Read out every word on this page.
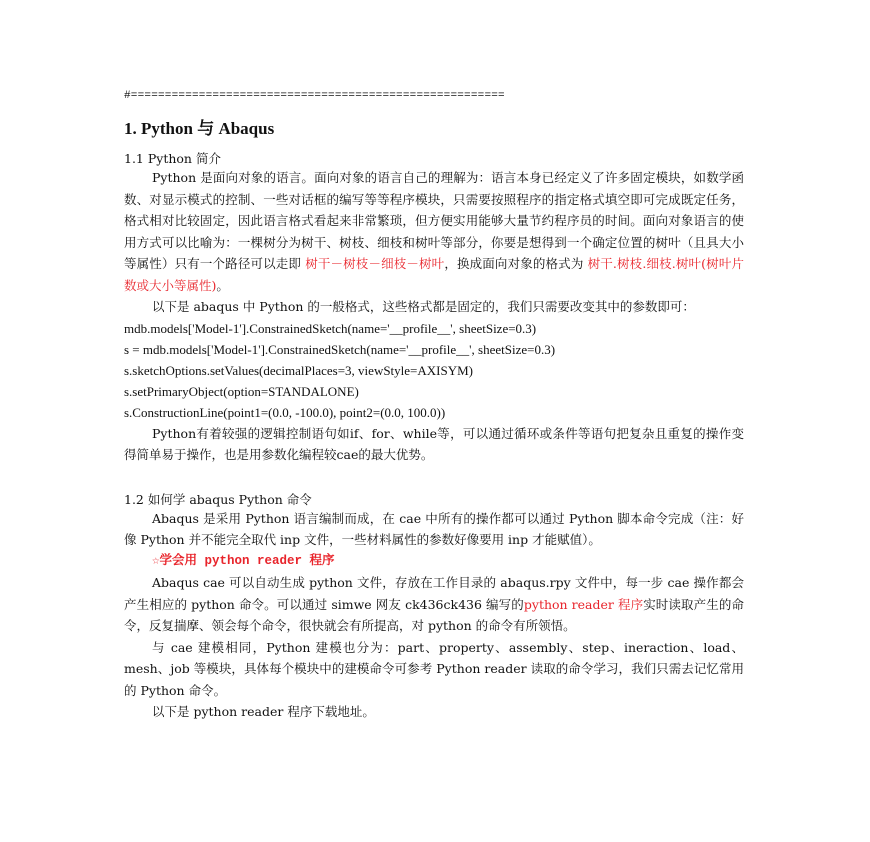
#=======================================================
1. Python 与 Abaqus
1.1 Python 简介
Python 是面向对象的语言。面向对象的语言自己的理解为：语言本身已经定义了许多固定模块，如数学函数、对显示模式的控制、一些对话框的编写等等程序模块，只需要按照程序的指定格式填空即可完成既定任务，格式相对比较固定，因此语言格式看起来非常繁琐，但方便实用能够大量节约程序员的时间。面向对象语言的使用方式可以比喻为：一棵树分为树干、树枝、细枝和树叶等部分，你要是想得到一个确定位置的树叶（且具大小等属性）只有一个路径可以走即 树干－树枝－细枝－树叶，换成面向对象的格式为 树干.树枝.细枝.树叶(树叶片数或大小等属性)。
以下是 abaqus 中 Python 的一般格式，这些格式都是固定的，我们只需要改变其中的参数即可：
mdb.models['Model-1'].ConstrainedSketch(name='__profile__', sheetSize=0.3)
s = mdb.models['Model-1'].ConstrainedSketch(name='__profile__', sheetSize=0.3)
s.sketchOptions.setValues(decimalPlaces=3, viewStyle=AXISYM)
s.setPrimaryObject(option=STANDALONE)
s.ConstructionLine(point1=(0.0, -100.0), point2=(0.0, 100.0))
Python有着较强的逻辑控制语句如if、for、while等，可以通过循环或条件等语句把复杂且重复的操作变得简单易于操作，也是用参数化编程较cae的最大优势。
1.2 如何学 abaqus Python 命令
Abaqus 是采用 Python 语言编制而成，在 cae 中所有的操作都可以通过 Python 脚本命令完成（注：好像 Python 并不能完全取代 inp 文件，一些材料属性的参数好像要用 inp 才能赋值）。
☆学会用 python reader 程序
Abaqus cae 可以自动生成 python 文件，存放在工作目录的 abaqus.rpy 文件中，每一步 cae 操作都会产生相应的 python 命令。可以通过 simwe 网友 ck436ck436 编写的python reader 程序实时读取产生的命令，反复揣摩、领会每个命令，很快就会有所提高，对 python 的命令有所领悟。
与 cae 建模相同，Python 建模也分为：part、property、assembly、step、ineraction、load、mesh、job 等模块，具体每个模块中的建模命令可参考 Python reader 读取的命令学习，我们只需去记忆常用的 Python 命令。
以下是 python reader 程序下载地址。
